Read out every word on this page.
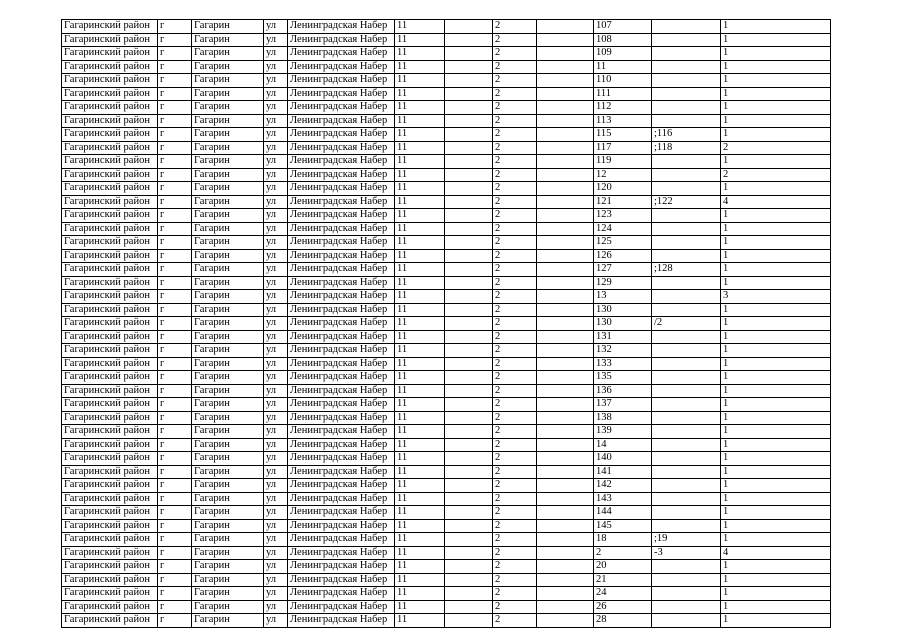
Гагаринский район	г	Гагарин	ул	Ленинградская Набер	11		2		107		1
Гагаринский район	г	Гагарин	ул	Ленинградская Набер	11		2		108		1
Гагаринский район	г	Гагарин	ул	Ленинградская Набер	11		2		109		1
Гагаринский район	г	Гагарин	ул	Ленинградская Набер	11		2		11		1
Гагаринский район	г	Гагарин	ул	Ленинградская Набер	11		2		110		1
Гагаринский район	г	Гагарин	ул	Ленинградская Набер	11		2		111		1
Гагаринский район	г	Гагарин	ул	Ленинградская Набер	11		2		112		1
Гагаринский район	г	Гагарин	ул	Ленинградская Набер	11		2		113		1
Гагаринский район	г	Гагарин	ул	Ленинградская Набер	11		2		115	;116	1
Гагаринский район	г	Гагарин	ул	Ленинградская Набер	11		2		117	;118	2
Гагаринский район	г	Гагарин	ул	Ленинградская Набер	11		2		119		1
Гагаринский район	г	Гагарин	ул	Ленинградская Набер	11		2		12		2
Гагаринский район	г	Гагарин	ул	Ленинградская Набер	11		2		120		1
Гагаринский район	г	Гагарин	ул	Ленинградская Набер	11		2		121	;122	4
Гагаринский район	г	Гагарин	ул	Ленинградская Набер	11		2		123		1
Гагаринский район	г	Гагарин	ул	Ленинградская Набер	11		2		124		1
Гагаринский район	г	Гагарин	ул	Ленинградская Набер	11		2		125		1
Гагаринский район	г	Гагарин	ул	Ленинградская Набер	11		2		126		1
Гагаринский район	г	Гагарин	ул	Ленинградская Набер	11		2		127	;128	1
Гагаринский район	г	Гагарин	ул	Ленинградская Набер	11		2		129		1
Гагаринский район	г	Гагарин	ул	Ленинградская Набер	11		2		13		3
Гагаринский район	г	Гагарин	ул	Ленинградская Набер	11		2		130		1
Гагаринский район	г	Гагарин	ул	Ленинградская Набер	11		2		130	/2	1
Гагаринский район	г	Гагарин	ул	Ленинградская Набер	11		2		131		1
Гагаринский район	г	Гагарин	ул	Ленинградская Набер	11		2		132		1
Гагаринский район	г	Гагарин	ул	Ленинградская Набер	11		2		133		1
Гагаринский район	г	Гагарин	ул	Ленинградская Набер	11		2		135		1
Гагаринский район	г	Гагарин	ул	Ленинградская Набер	11		2		136		1
Гагаринский район	г	Гагарин	ул	Ленинградская Набер	11		2		137		1
Гагаринский район	г	Гагарин	ул	Ленинградская Набер	11		2		138		1
Гагаринский район	г	Гагарин	ул	Ленинградская Набер	11		2		139		1
Гагаринский район	г	Гагарин	ул	Ленинградская Набер	11		2		14		1
Гагаринский район	г	Гагарин	ул	Ленинградская Набер	11		2		140		1
Гагаринский район	г	Гагарин	ул	Ленинградская Набер	11		2		141		1
Гагаринский район	г	Гагарин	ул	Ленинградская Набер	11		2		142		1
Гагаринский район	г	Гагарин	ул	Ленинградская Набер	11		2		143		1
Гагаринский район	г	Гагарин	ул	Ленинградская Набер	11		2		144		1
Гагаринский район	г	Гагарин	ул	Ленинградская Набер	11		2		145		1
Гагаринский район	г	Гагарин	ул	Ленинградская Набер	11		2		18	;19	1
Гагаринский район	г	Гагарин	ул	Ленинградская Набер	11		2		2	-3	4
Гагаринский район	г	Гагарин	ул	Ленинградская Набер	11		2		20		1
Гагаринский район	г	Гагарин	ул	Ленинградская Набер	11		2		21		1
Гагаринский район	г	Гагарин	ул	Ленинградская Набер	11		2		24		1
Гагаринский район	г	Гагарин	ул	Ленинградская Набер	11		2		26		1
Гагаринский район	г	Гагарин	ул	Ленинградская Набер	11		2		28		1
